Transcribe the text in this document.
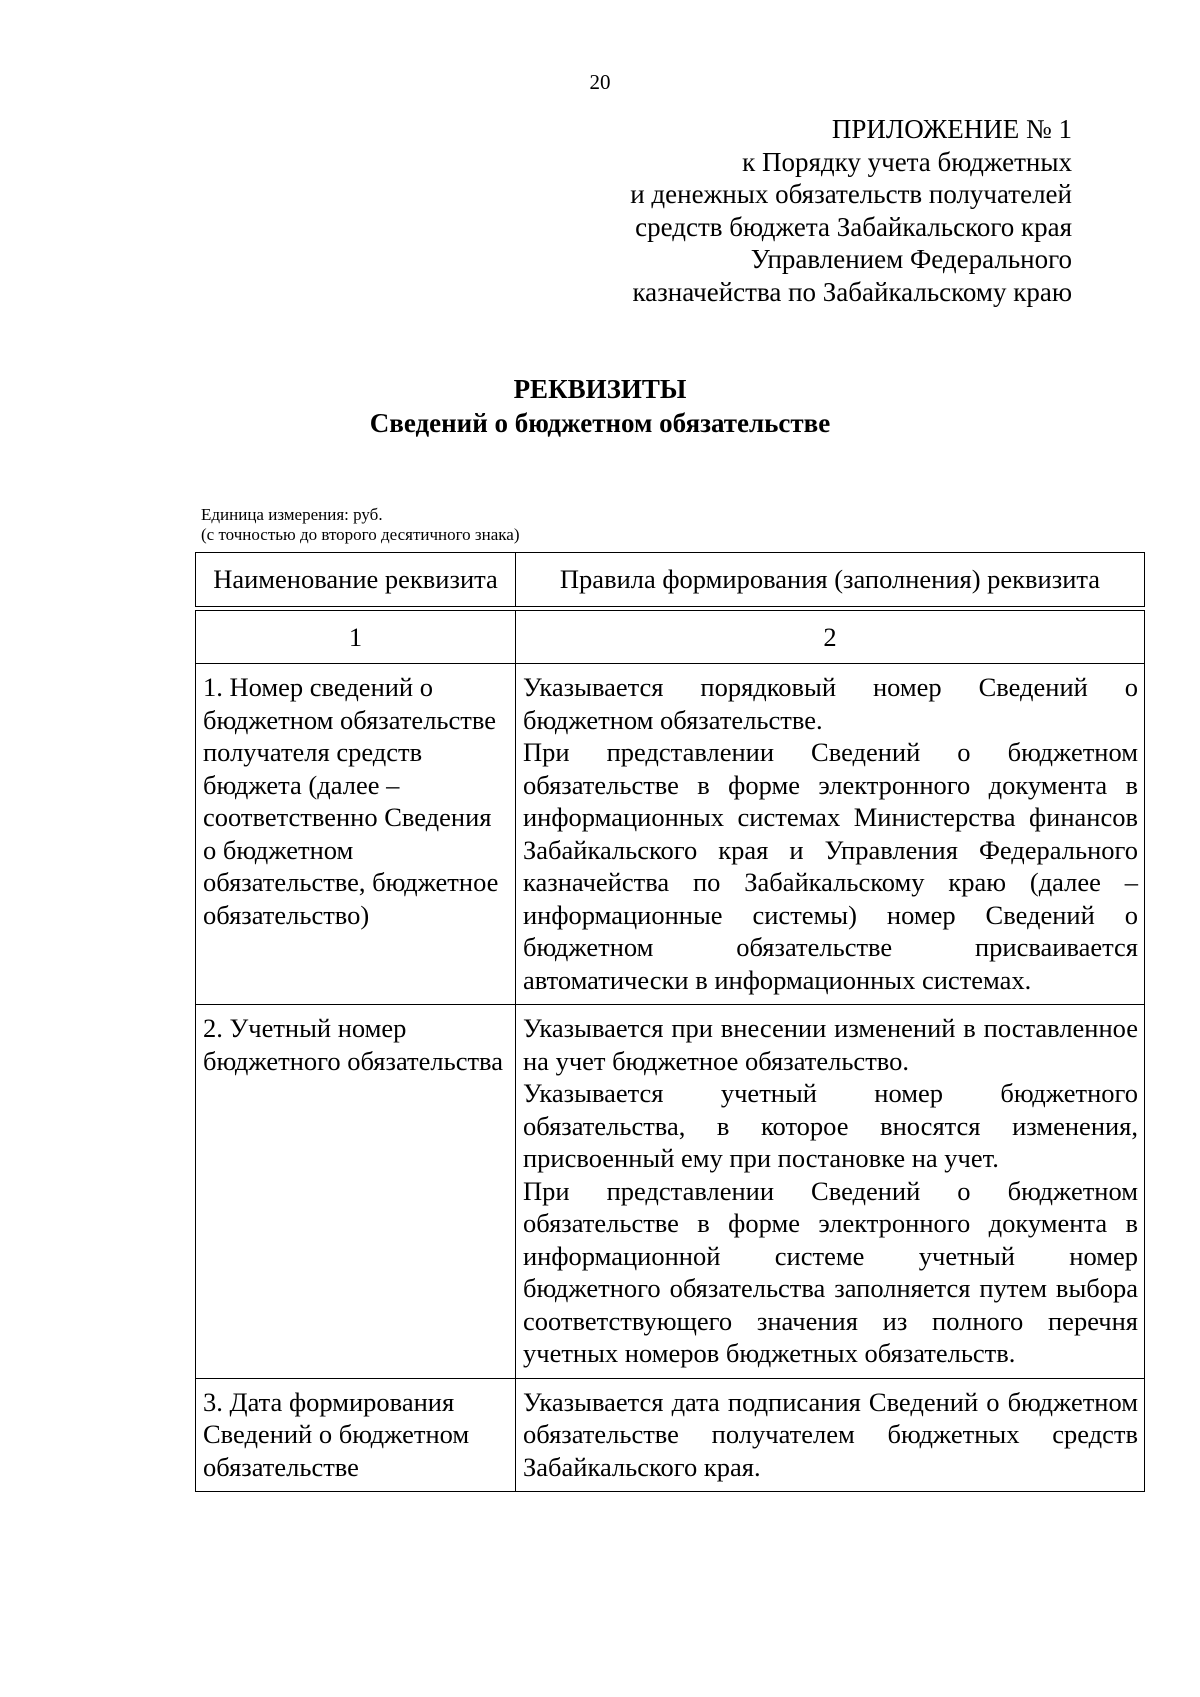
20
ПРИЛОЖЕНИЕ № 1
к Порядку учета бюджетных
и денежных обязательств получателей
средств бюджета Забайкальского края
Управлением Федерального
казначейства по Забайкальскому краю
РЕКВИЗИТЫ
Сведений о бюджетном обязательстве
Единица измерения: руб.
(с точностью до второго десятичного знака)
Наименование реквизита	Правила формирования (заполнения) реквизита
1	2
1. Номер сведений о бюджетном обязательстве получателя средств бюджета (далее – соответственно Сведения о бюджетном обязательстве, бюджетное обязательство)	Указывается порядковый номер Сведений о бюджетном обязательстве.

При представлении Сведений о бюджетном обязательстве в форме электронного документа в информационных системах Министерства финансов Забайкальского края и Управления Федерального казначейства по Забайкальскому краю (далее – информационные системы) номер Сведений о бюджетном обязательстве присваивается автоматически в информационных системах.

2. Учетный номер бюджетного обязательства	Указывается при внесении изменений в поставленное на учет бюджетное обязательство.

Указывается учетный номер бюджетного обязательства, в которое вносятся изменения, присвоенный ему при постановке на учет.

При представлении Сведений о бюджетном обязательстве в форме электронного документа в информационной системе учетный номер бюджетного обязательства заполняется путем выбора соответствующего значения из полного перечня учетных номеров бюджетных обязательств.

3. Дата формирования Сведений о бюджетном обязательстве	Указывается дата подписания Сведений о бюджетном обязательстве получателем бюджетных средств Забайкальского края.
